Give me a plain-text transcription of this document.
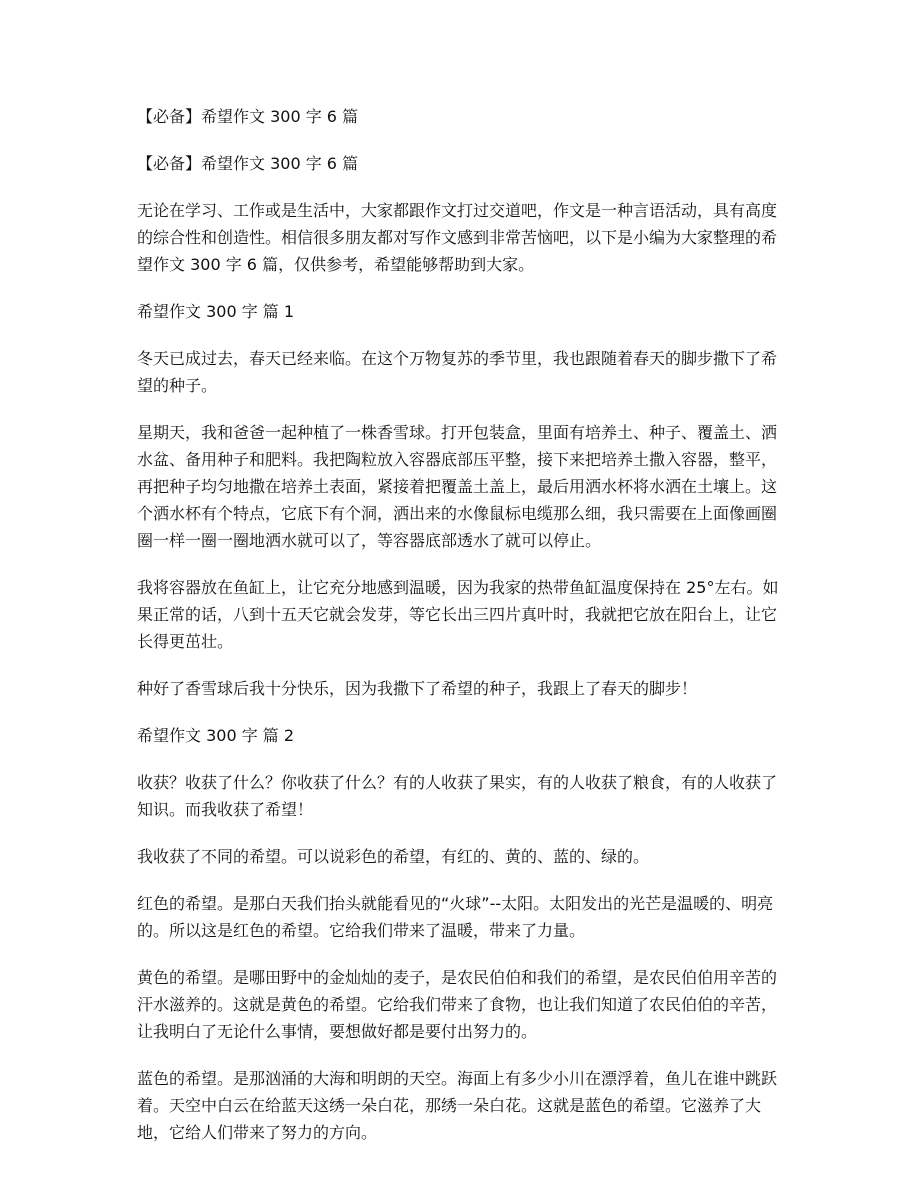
【必备】希望作文 300 字 6 篇

【必备】希望作文 300 字 6 篇

无论在学习、工作或是生活中，大家都跟作文打过交道吧，作文是一种言语活动，具有高度的综合性和创造性。相信很多朋友都对写作文感到非常苦恼吧，以下是小编为大家整理的希望作文 300 字 6 篇，仅供参考，希望能够帮助到大家。

希望作文 300 字 篇 1

冬天已成过去，春天已经来临。在这个万物复苏的季节里，我也跟随着春天的脚步撒下了希望的种子。

星期天，我和爸爸一起种植了一株香雪球。打开包装盒，里面有培养土、种子、覆盖土、洒水盆、备用种子和肥料。我把陶粒放入容器底部压平整，接下来把培养土撒入容器，整平，再把种子均匀地撒在培养土表面，紧接着把覆盖土盖上，最后用洒水杯将水洒在土壤上。这个洒水杯有个特点，它底下有个洞，洒出来的水像鼠标电缆那么细，我只需要在上面像画圈圈一样一圈一圈地洒水就可以了，等容器底部透水了就可以停止。

我将容器放在鱼缸上，让它充分地感到温暖，因为我家的热带鱼缸温度保持在 25°左右。如果正常的话，八到十五天它就会发芽，等它长出三四片真叶时，我就把它放在阳台上，让它长得更茁壮。

种好了香雪球后我十分快乐，因为我撒下了希望的种子，我跟上了春天的脚步！

希望作文 300 字 篇 2

收获？收获了什么？你收获了什么？有的人收获了果实，有的人收获了粮食，有的人收获了知识。而我收获了希望！

我收获了不同的希望。可以说彩色的希望，有红的、黄的、蓝的、绿的。

红色的希望。是那白天我们抬头就能看见的“火球”--太阳。太阳发出的光芒是温暖的、明亮的。所以这是红色的希望。它给我们带来了温暖，带来了力量。

黄色的希望。是哪田野中的金灿灿的麦子，是农民伯伯和我们的希望，是农民伯伯用辛苦的汗水滋养的。这就是黄色的希望。它给我们带来了食物，也让我们知道了农民伯伯的辛苦，让我明白了无论什么事情，要想做好都是要付出努力的。

蓝色的希望。是那汹涌的大海和明朗的天空。海面上有多少小川在漂浮着，鱼儿在谁中跳跃着。天空中白云在给蓝天这绣一朵白花，那绣一朵白花。这就是蓝色的希望。它滋养了大地，它给人们带来了努力的方向。
